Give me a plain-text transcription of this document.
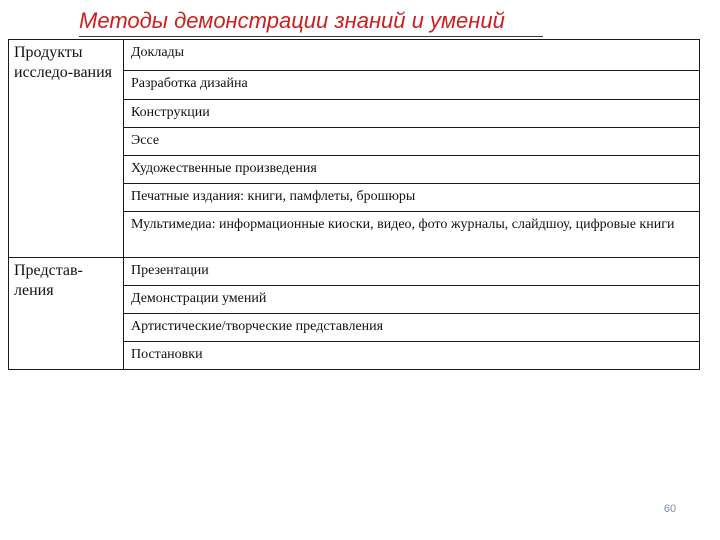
Методы демонстрации знаний и умений
Продукты исследо-вания	Доклады
	Разработка дизайна
	Конструкции
	Эссе
	Художественные произведения
	Печатные издания: книги, памфлеты, брошюры
	Мультимедиа: информационные киоски, видео, фото журналы, слайдшоу, цифровые книги
Представ-ления	Презентации
	Демонстрации умений
	Артистические/творческие представления
	Постановки
60
